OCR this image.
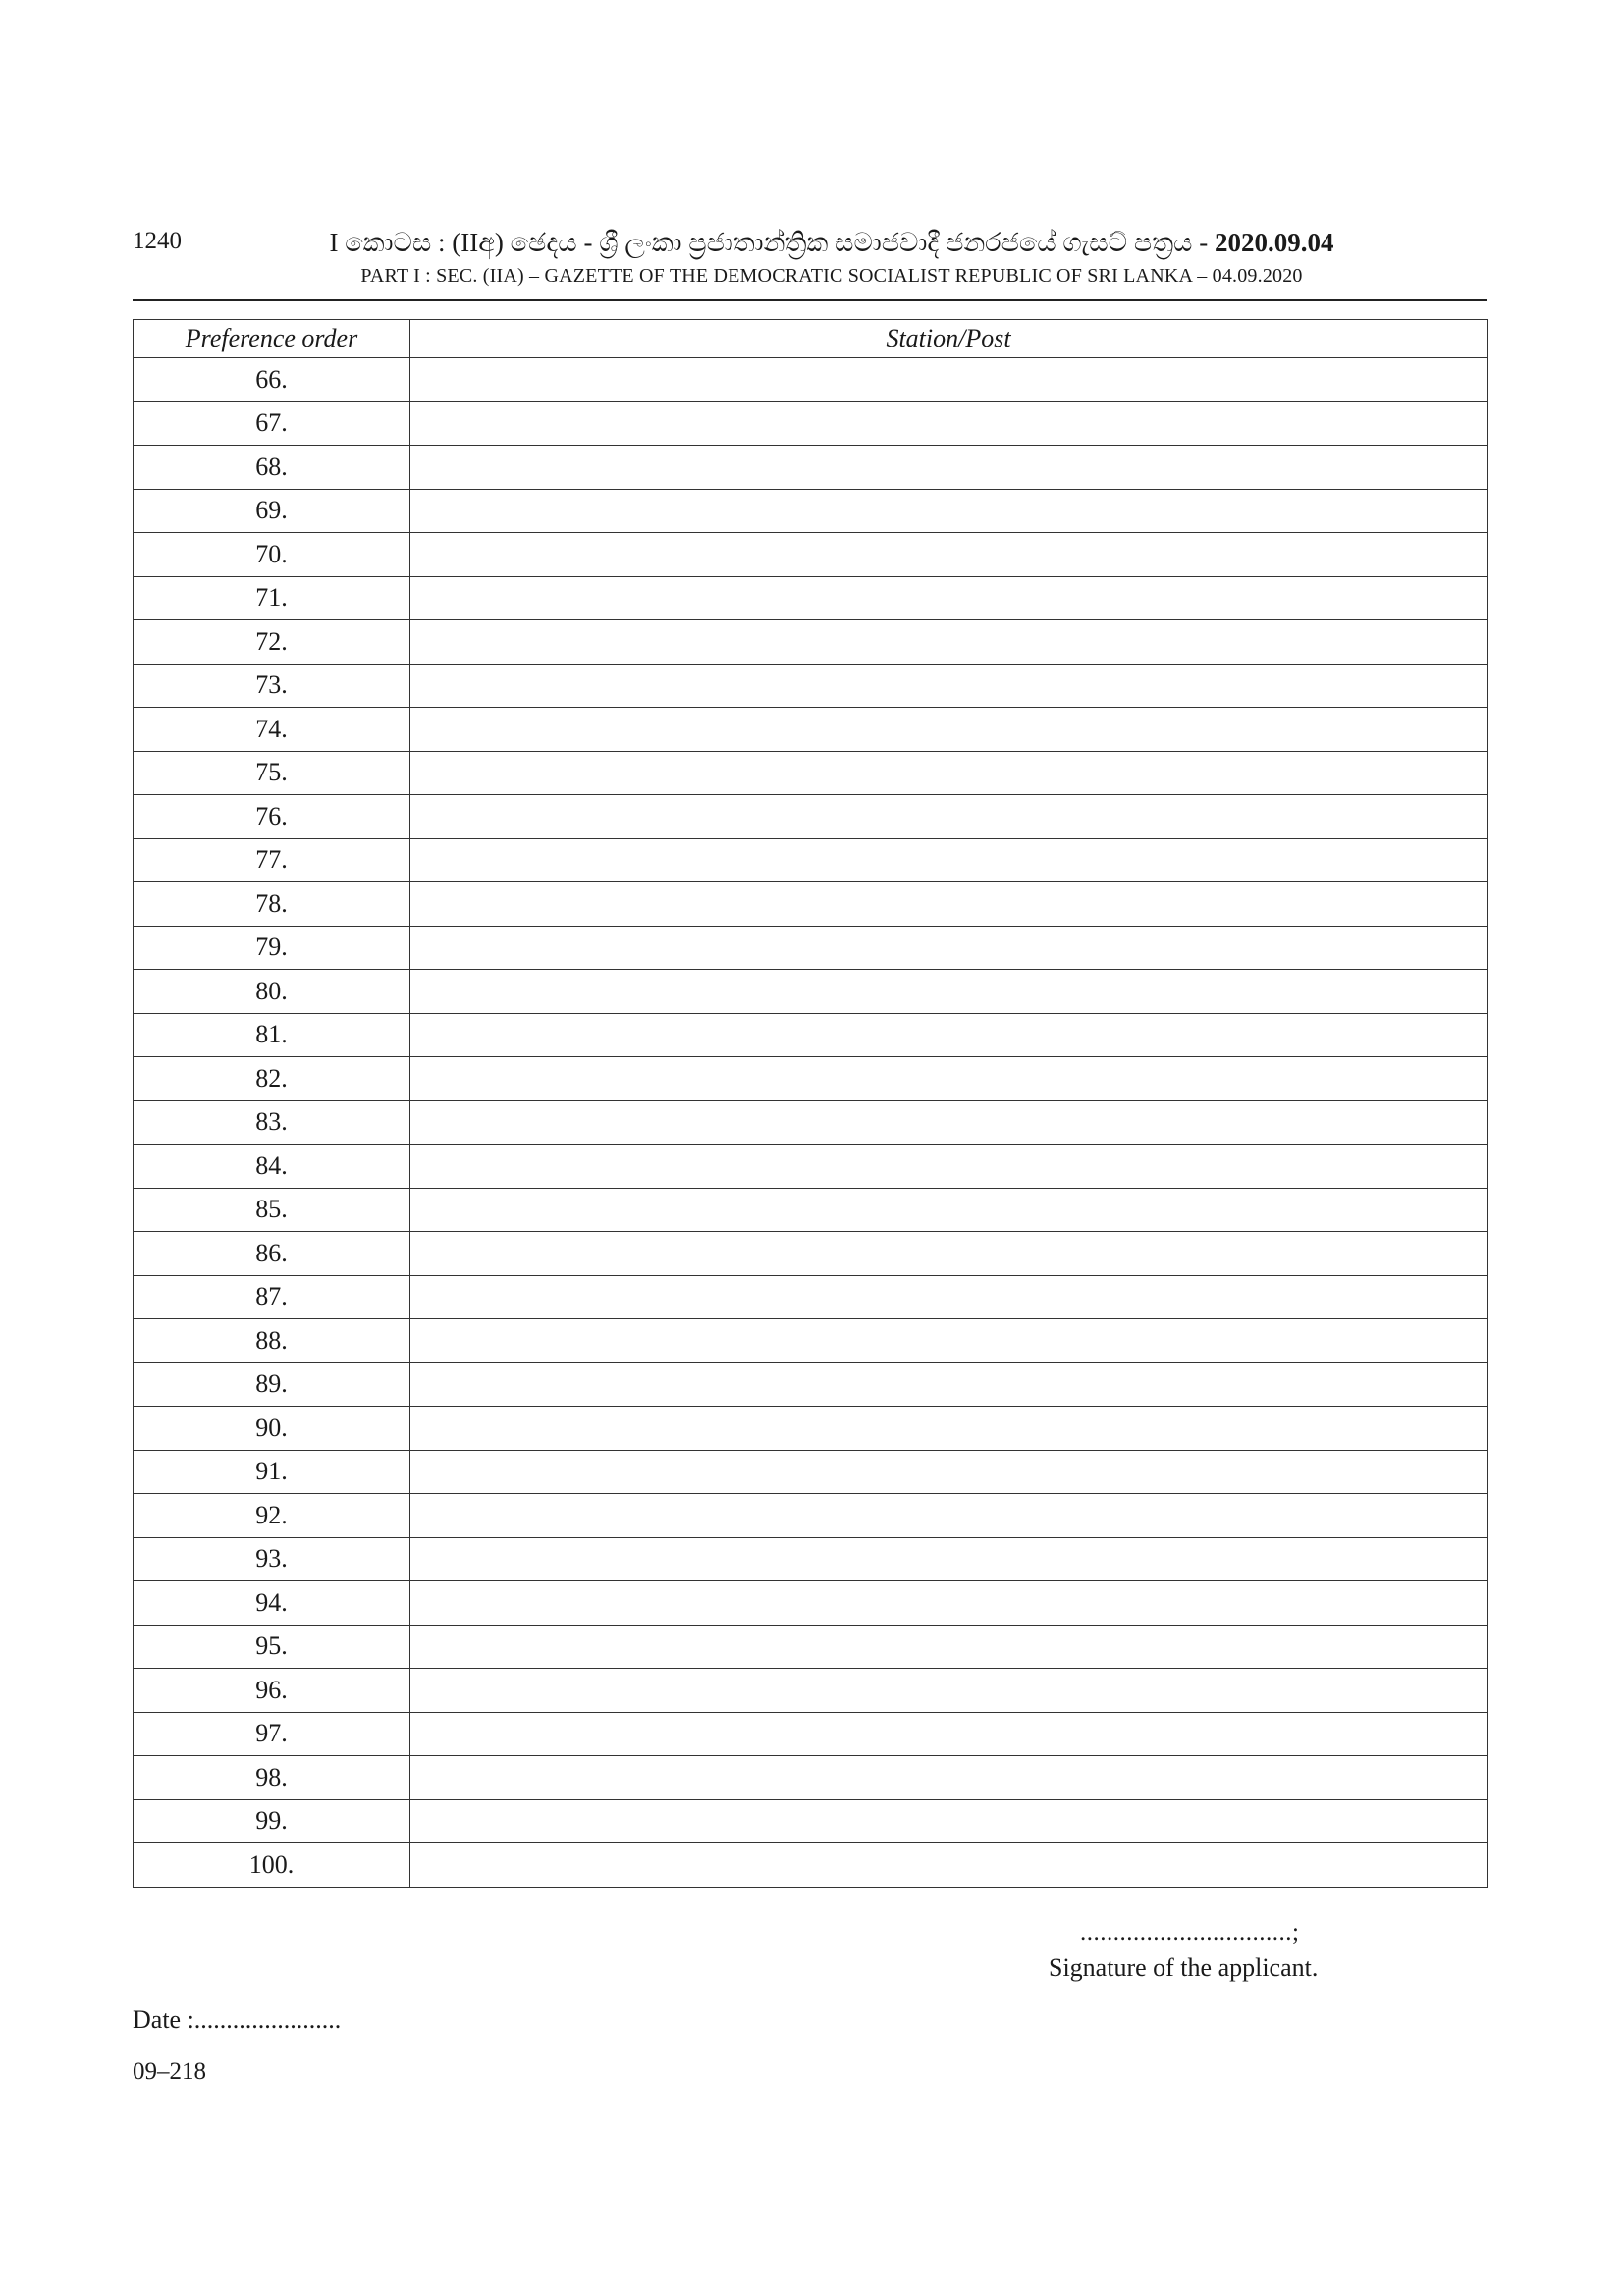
1240	I කොටස : (IIඅ) ඡෙදය - ශ්‍රී ලංකා ප්‍රජාතාන්ත්‍රික සමාජවාදී ජනරජයේ ගැසට් පත්‍රය - 2020.09.04
PART I : SEC. (IIA) – GAZETTE OF THE DEMOCRATIC SOCIALIST REPUBLIC OF SRI LANKA – 04.09.2020
Preference order	Station/Post
66.	
67.	
68.	
69.	
70.	
71.	
72.	
73.	
74.	
75.	
76.	
77.	
78.	
79.	
80.	
81.	
82.	
83.	
84.	
85.	
86.	
87.	
88.	
89.	
90.	
91.	
92.	
93.	
94.	
95.	
96.	
97.	
98.	
99.	
100.	
................................;
Signature of the applicant.
Date :.......................
09–218
